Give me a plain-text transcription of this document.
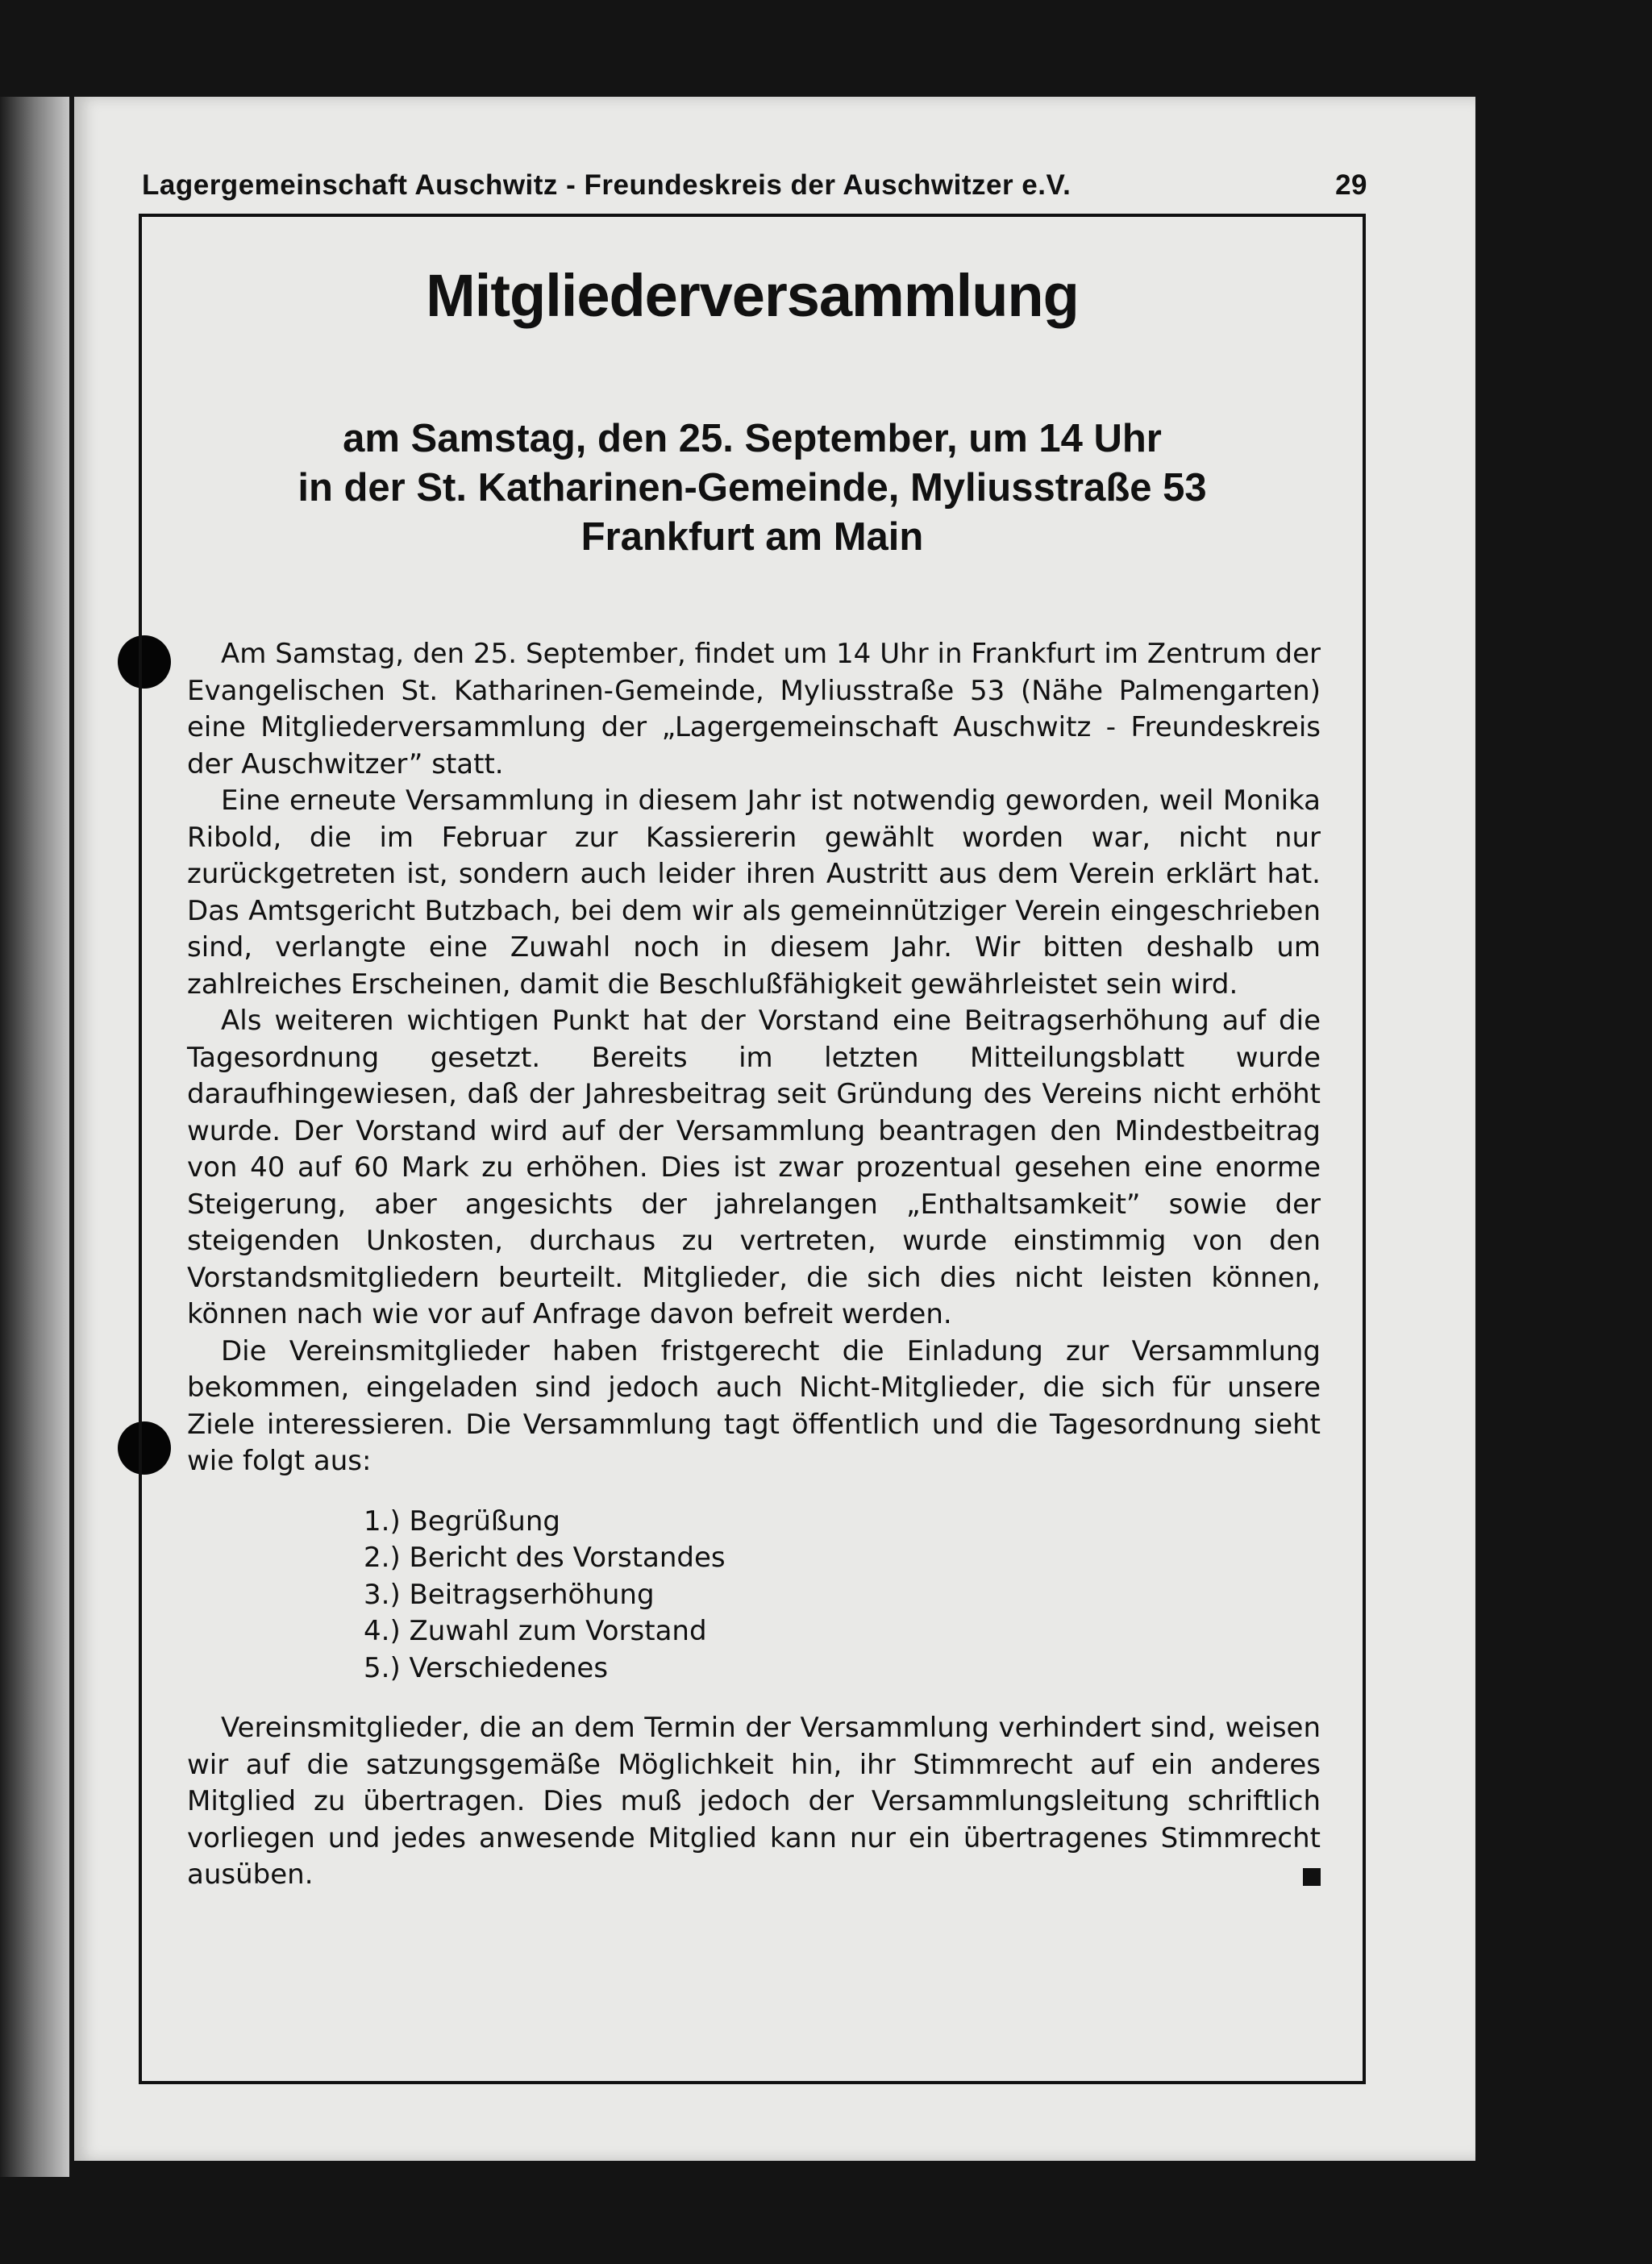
Lagergemeinschaft Auschwitz - Freundeskreis der Auschwitzer e.V.	29
Mitgliederversammlung
am Samstag, den 25. September, um 14 Uhr
in der St. Katharinen-Gemeinde, Myliusstraße 53
Frankfurt am Main

Am Samstag, den 25. September, findet um 14 Uhr in Frankfurt im Zentrum der Evangelischen St. Katharinen-Gemeinde, Myliusstraße 53 (Nähe Palmengarten) eine Mitgliederversammlung der „Lagergemeinschaft Auschwitz - Freundeskreis der Auschwitzer” statt.

Eine erneute Versammlung in diesem Jahr ist notwendig geworden, weil Monika Ribold, die im Februar zur Kassiererin gewählt worden war, nicht nur zurückgetreten ist, sondern auch leider ihren Austritt aus dem Verein erklärt hat. Das Amtsgericht Butzbach, bei dem wir als gemeinnütziger Verein eingeschrieben sind, verlangte eine Zuwahl noch in diesem Jahr. Wir bitten deshalb um zahlreiches Erscheinen, damit die Beschlußfähigkeit gewährleistet sein wird.

Als weiteren wichtigen Punkt hat der Vorstand eine Beitragserhöhung auf die Tagesordnung gesetzt. Bereits im letzten Mitteilungsblatt wurde daraufhingewiesen, daß der Jahresbeitrag seit Gründung des Vereins nicht erhöht wurde. Der Vorstand wird auf der Versammlung beantragen den Mindestbeitrag von 40 auf 60 Mark zu erhöhen. Dies ist zwar prozentual gesehen eine enorme Steigerung, aber angesichts der jahrelangen „Enthaltsamkeit” sowie der steigenden Unkosten, durchaus zu vertreten, wurde einstimmig von den Vorstandsmitgliedern beurteilt. Mitglieder, die sich dies nicht leisten können, können nach wie vor auf Anfrage davon befreit werden.

Die Vereinsmitglieder haben fristgerecht die Einladung zur Versammlung bekommen, eingeladen sind jedoch auch Nicht-Mitglieder, die sich für unsere Ziele interessieren. Die Versammlung tagt öffentlich und die Tagesordnung sieht wie folgt aus:

1.) Begrüßung
2.) Bericht des Vorstandes
3.) Beitragserhöhung
4.) Zuwahl zum Vorstand
5.) Verschiedenes

Vereinsmitglieder, die an dem Termin der Versammlung verhindert sind, weisen wir auf die satzungsgemäße Möglichkeit hin, ihr Stimmrecht auf ein anderes Mitglied zu übertragen. Dies muß jedoch der Versammlungsleitung schriftlich vorliegen und jedes anwesende Mitglied kann nur ein übertragenes Stimmrecht ausüben.
